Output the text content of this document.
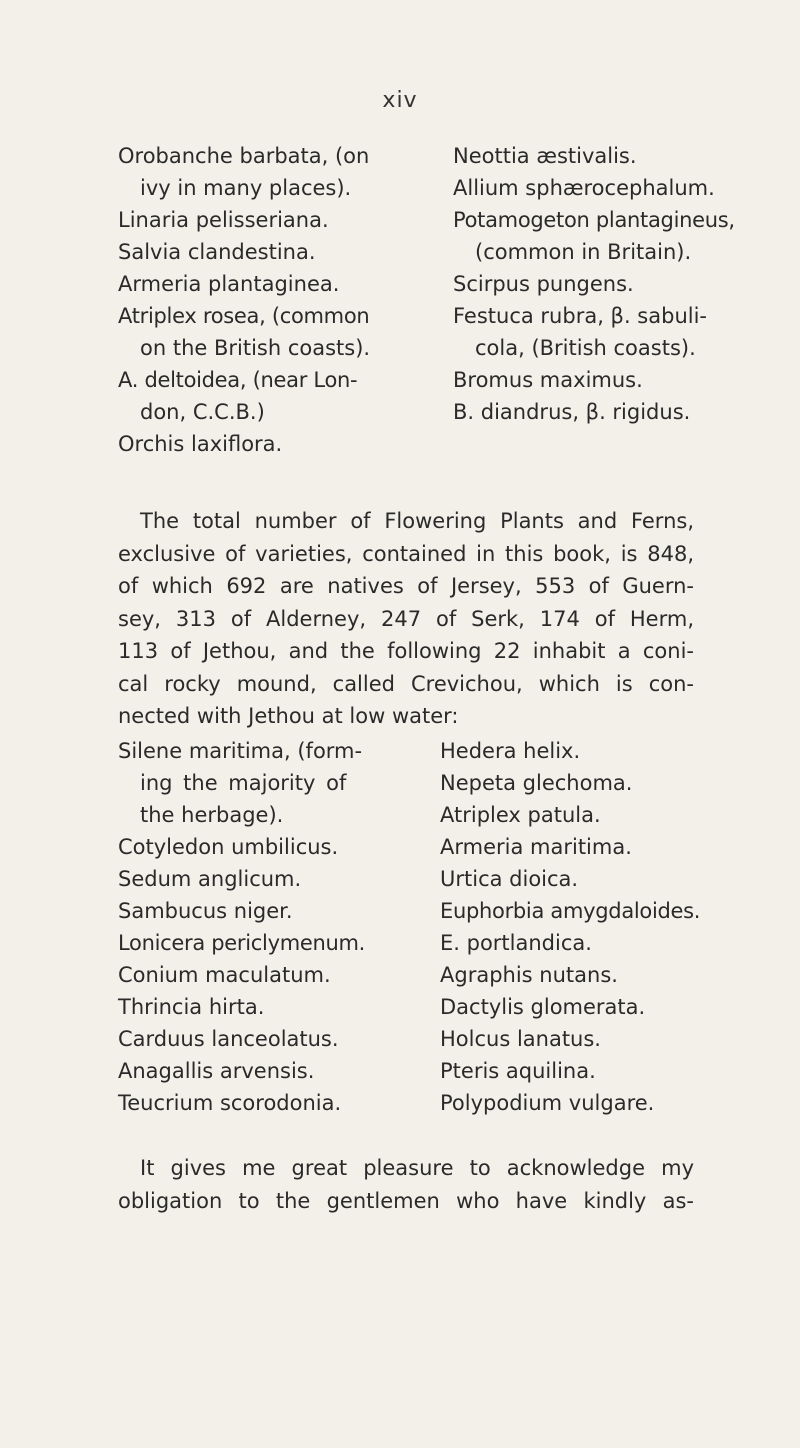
xiv
Orobanche barbata, (on
ivy in many places).
Linaria pelisseriana.
Salvia clandestina.
Armeria plantaginea.
Atriplex rosea, (common
on the British coasts).
A. deltoidea, (near Lon-
don, C.C.B.)
Orchis laxiflora.
Neottia æstivalis.
Allium sphærocephalum.
Potamogeton plantagineus,
(common in Britain).
Scirpus pungens.
Festuca rubra, β. sabuli-
cola, (British coasts).
Bromus maximus.
B. diandrus, β. rigidus.
The total number of Flowering Plants and Ferns,
exclusive of varieties, contained in this book, is 848,
of which 692 are natives of Jersey, 553 of Guern-
sey, 313 of Alderney, 247 of Serk, 174 of Herm,
113 of Jethou, and the following 22 inhabit a coni-
cal rocky mound, called Crevichou, which is con-
nected with Jethou at low water:
Silene maritima, (form-
ing the majority of
the herbage).
Cotyledon umbilicus.
Sedum anglicum.
Sambucus niger.
Lonicera periclymenum.
Conium maculatum.
Thrincia hirta.
Carduus lanceolatus.
Anagallis arvensis.
Teucrium scorodonia.
Hedera helix.
Nepeta glechoma.
Atriplex patula.
Armeria maritima.
Urtica dioica.
Euphorbia amygdaloides.
E. portlandica.
Agraphis nutans.
Dactylis glomerata.
Holcus lanatus.
Pteris aquilina.
Polypodium vulgare.
It gives me great pleasure to acknowledge my
obligation to the gentlemen who have kindly as-
